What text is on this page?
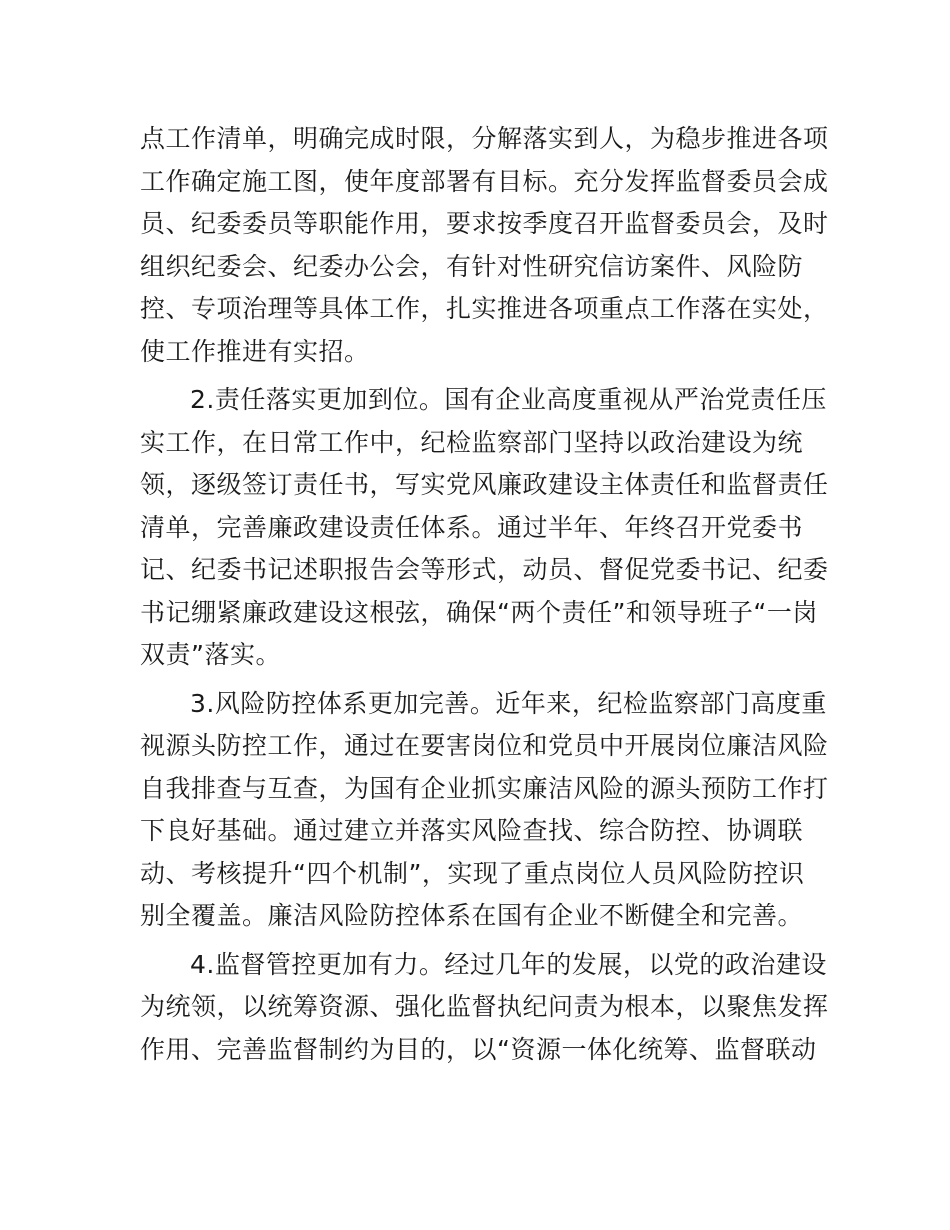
点工作清单，明确完成时限，分解落实到人，为稳步推进各项
工作确定施工图，使年度部署有目标。充分发挥监督委员会成
员、纪委委员等职能作用，要求按季度召开监督委员会，及时
组织纪委会、纪委办公会，有针对性研究信访案件、风险防
控、专项治理等具体工作，扎实推进各项重点工作落在实处，
使工作推进有实招。
2.责任落实更加到位。国有企业高度重视从严治党责任压
实工作，在日常工作中，纪检监察部门坚持以政治建设为统
领，逐级签订责任书，写实党风廉政建设主体责任和监督责任
清单，完善廉政建设责任体系。通过半年、年终召开党委书
记、纪委书记述职报告会等形式，动员、督促党委书记、纪委
书记绷紧廉政建设这根弦，确保“两个责任”和领导班子“一岗
双责”落实。
3.风险防控体系更加完善。近年来，纪检监察部门高度重
视源头防控工作，通过在要害岗位和党员中开展岗位廉洁风险
自我排查与互查，为国有企业抓实廉洁风险的源头预防工作打
下良好基础。通过建立并落实风险查找、综合防控、协调联
动、考核提升“四个机制”，实现了重点岗位人员风险防控识
别全覆盖。廉洁风险防控体系在国有企业不断健全和完善。
4.监督管控更加有力。经过几年的发展，以党的政治建设
为统领，以统筹资源、强化监督执纪问责为根本，以聚焦发挥
作用、完善监督制约为目的，以“资源一体化统筹、监督联动
